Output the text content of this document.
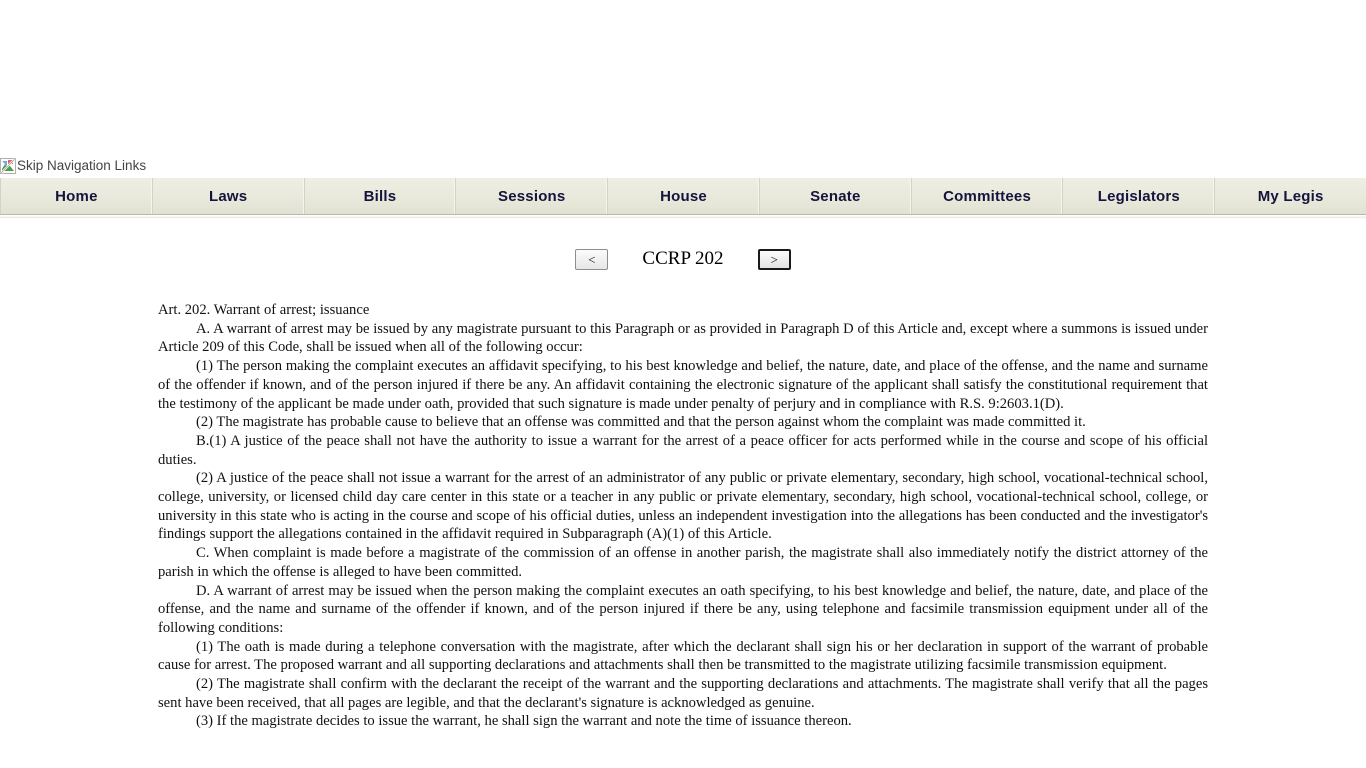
Skip Navigation Links
Home	Laws	Bills	Sessions	House	Senate	Committees	Legislators	My Legis
<	CCRP 202	>

Art. 202. Warrant of arrest; issuance

A. A warrant of arrest may be issued by any magistrate pursuant to this Paragraph or as provided in Paragraph D of this Article and, except where a summons is issued under Article 209 of this Code, shall be issued when all of the following occur:

(1) The person making the complaint executes an affidavit specifying, to his best knowledge and belief, the nature, date, and place of the offense, and the name and surname of the offender if known, and of the person injured if there be any. An affidavit containing the electronic signature of the applicant shall satisfy the constitutional requirement that the testimony of the applicant be made under oath, provided that such signature is made under penalty of perjury and in compliance with R.S. 9:2603.1(D).

(2) The magistrate has probable cause to believe that an offense was committed and that the person against whom the complaint was made committed it.

B.(1) A justice of the peace shall not have the authority to issue a warrant for the arrest of a peace officer for acts performed while in the course and scope of his official duties.

(2) A justice of the peace shall not issue a warrant for the arrest of an administrator of any public or private elementary, secondary, high school, vocational-technical school, college, university, or licensed child day care center in this state or a teacher in any public or private elementary, secondary, high school, vocational-technical school, college, or university in this state who is acting in the course and scope of his official duties, unless an independent investigation into the allegations has been conducted and the investigator's findings support the allegations contained in the affidavit required in Subparagraph (A)(1) of this Article.

C. When complaint is made before a magistrate of the commission of an offense in another parish, the magistrate shall also immediately notify the district attorney of the parish in which the offense is alleged to have been committed.

D. A warrant of arrest may be issued when the person making the complaint executes an oath specifying, to his best knowledge and belief, the nature, date, and place of the offense, and the name and surname of the offender if known, and of the person injured if there be any, using telephone and facsimile transmission equipment under all of the following conditions:

(1) The oath is made during a telephone conversation with the magistrate, after which the declarant shall sign his or her declaration in support of the warrant of probable cause for arrest. The proposed warrant and all supporting declarations and attachments shall then be transmitted to the magistrate utilizing facsimile transmission equipment.

(2) The magistrate shall confirm with the declarant the receipt of the warrant and the supporting declarations and attachments. The magistrate shall verify that all the pages sent have been received, that all pages are legible, and that the declarant's signature is acknowledged as genuine.

(3) If the magistrate decides to issue the warrant, he shall sign the warrant and note the time of issuance thereon.
